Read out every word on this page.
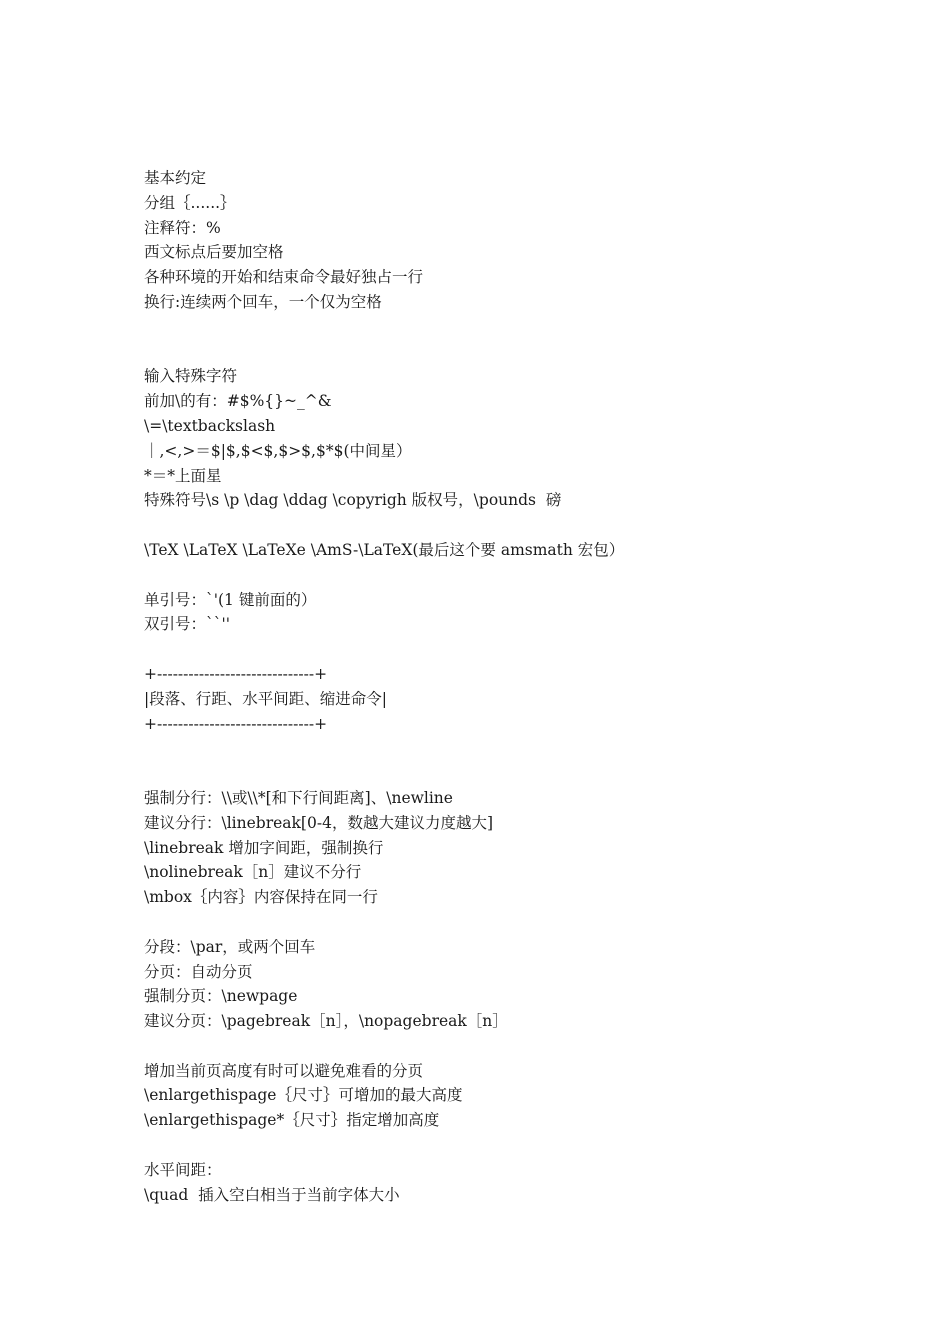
基本约定
分组｛......｝
注释符：%
西文标点后要加空格
各种环境的开始和结束命令最好独占一行
换行:连续两个回车，一个仅为空格
输入特殊字符
前加\的有：#$%{}~_^&
\=\textbackslash
｜,<,>＝$|$,$<$,$>$,$*$(中间星）
*＝*上面星
特殊符号\s \p \dag \ddag \copyrigh 版权号，\pounds  磅
\TeX \LaTeX \LaTeXe \AmS-\LaTeX(最后这个要 amsmath 宏包）
单引号：`'(1 键前面的）
双引号：``''
+------------------------------+
|段落、行距、水平间距、缩进命令|
+------------------------------+
强制分行：\\或\\*[和下行间距离]、\newline
建议分行：\linebreak[0-4，数越大建议力度越大]
\linebreak 增加字间距，强制换行
\nolinebreak［n］建议不分行
\mbox｛内容｝内容保持在同一行
分段：\par，或两个回车
分页：自动分页
强制分页：\newpage
建议分页：\pagebreak［n］，\nopagebreak［n］
增加当前页高度有时可以避免难看的分页
\enlargethispage｛尺寸｝可增加的最大高度
\enlargethispage*｛尺寸｝指定增加高度
水平间距：
\quad  插入空白相当于当前字体大小
